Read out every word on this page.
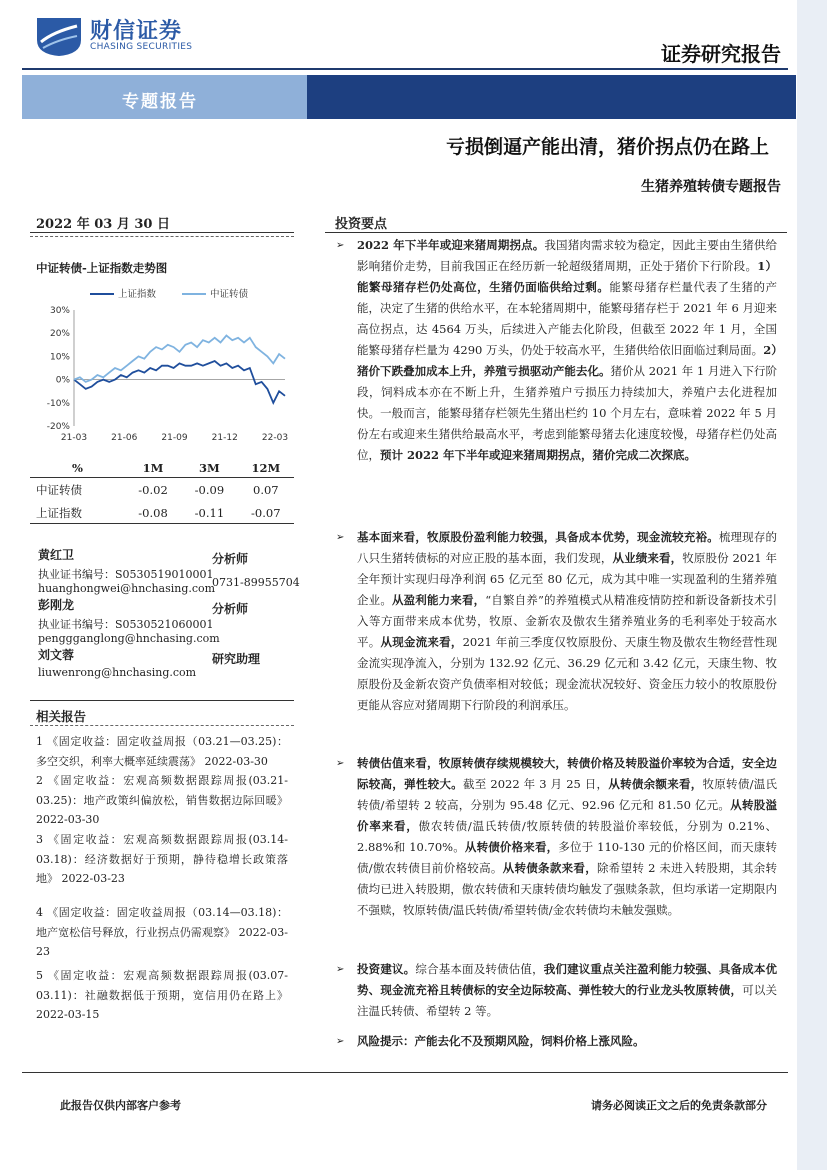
财信证券
CHASING SECURITIES	证券研究报告
专题报告
亏损倒逼产能出清，猪价拐点仍在路上
生猪养殖转债专题报告
2022 年 03 月 30 日
中证转债-上证指数走势图
30%
20%
10%
0%
-10%
-20%
21-03	21-06	21-09	21-12	22-03
上证指数	中证转债
%	1M	3M	12M
中证转债	-0.02	-0.09	0.07
上证指数	-0.08	-0.11	-0.07
黄红卫
执业证书编号：S0530519010001
huanghongwei@hnchasing.com
分析师
0731-89955704
彭刚龙
执业证书编号：S0530521060001
penggganglong@hnchasing.com
分析师
刘文蓉
liuwenrong@hnchasing.com
研究助理
相关报告
1 《固定收益：固定收益周报（03.21—03.25)：多空交织，利率大概率延续震荡》 2022-03-30
2 《固定收益：宏观高频数据跟踪周报(03.21-03.25)：地产政策纠偏放松，销售数据边际回暖》 2022-03-30
3 《固定收益：宏观高频数据跟踪周报(03.14-03.18)：经济数据好于预期，静待稳增长政策落地》 2022-03-23
4 《固定收益：固定收益周报（03.14—03.18)：地产宽松信号释放，行业拐点仍需观察》 2022-03-23
5 《固定收益：宏观高频数据跟踪周报(03.07-03.11)：社融数据低于预期，宽信用仍在路上》 2022-03-15
投资要点
➢ 2022 年下半年或迎来猪周期拐点。我国猪肉需求较为稳定，因此主要由生猪供给影响猪价走势，目前我国正在经历新一轮超级猪周期，正处于猪价下行阶段。1）能繁母猪存栏仍处高位，生猪仍面临供给过剩。能繁母猪存栏量代表了生猪的产能，决定了生猪的供给水平，在本轮猪周期中，能繁母猪存栏于 2021 年 6 月迎来高位拐点，达 4564 万头，后续进入产能去化阶段，但截至 2022 年 1 月，全国能繁母猪存栏量为 4290 万头，仍处于较高水平，生猪供给依旧面临过剩局面。2）猪价下跌叠加成本上升，养殖亏损驱动产能去化。猪价从 2021 年 1 月进入下行阶段，饲料成本亦在不断上升，生猪养殖户亏损压力持续加大，养殖户去化进程加快。一般而言，能繁母猪存栏领先生猪出栏约 10 个月左右，意味着 2022 年 5 月份左右或迎来生猪供给最高水平，考虑到能繁母猪去化速度较慢，母猪存栏仍处高位，预计 2022 年下半年或迎来猪周期拐点，猪价完成二次探底。
➢ 基本面来看，牧原股份盈利能力较强，具备成本优势，现金流较充裕。梳理现存的八只生猪转债标的对应正股的基本面，我们发现，从业绩来看，牧原股份 2021 年全年预计实现归母净利润 65 亿元至 80 亿元，成为其中唯一实现盈利的生猪养殖企业。从盈利能力来看，“自繁自养”的养殖模式从精准疫情防控和新设备新技术引入等方面带来成本优势，牧原、金新农及傲农生猪养殖业务的毛利率处于较高水平。从现金流来看，2021 年前三季度仅牧原股份、天康生物及傲农生物经营性现金流实现净流入，分别为 132.92 亿元、36.29 亿元和 3.42 亿元，天康生物、牧原股份及金新农资产负债率相对较低；现金流状况较好、资金压力较小的牧原股份更能从容应对猪周期下行阶段的利润承压。
➢ 转债估值来看，牧原转债存续规模较大，转债价格及转股溢价率较为合适，安全边际较高，弹性较大。截至 2022 年 3 月 25 日，从转债余额来看，牧原转债/温氏转债/希望转 2 较高，分别为 95.48 亿元、92.96 亿元和 81.50 亿元。从转股溢价率来看，傲农转债/温氏转债/牧原转债的转股溢价率较低，分别为 0.21%、2.88%和 10.70%。从转债价格来看，多位于 110-130 元的价格区间，而天康转债/傲农转债目前价格较高。从转债条款来看，除希望转 2 未进入转股期，其余转债均已进入转股期，傲农转债和天康转债均触发了强赎条款，但均承诺一定期限内不强赎，牧原转债/温氏转债/希望转债/金农转债均未触发强赎。
➢ 投资建议。综合基本面及转债估值，我们建议重点关注盈利能力较强、具备成本优势、现金流充裕且转债标的安全边际较高、弹性较大的行业龙头牧原转债，可以关注温氏转债、希望转 2 等。
➢ 风险提示：产能去化不及预期风险，饲料价格上涨风险。
此报告仅供内部客户参考	请务必阅读正文之后的免责条款部分
